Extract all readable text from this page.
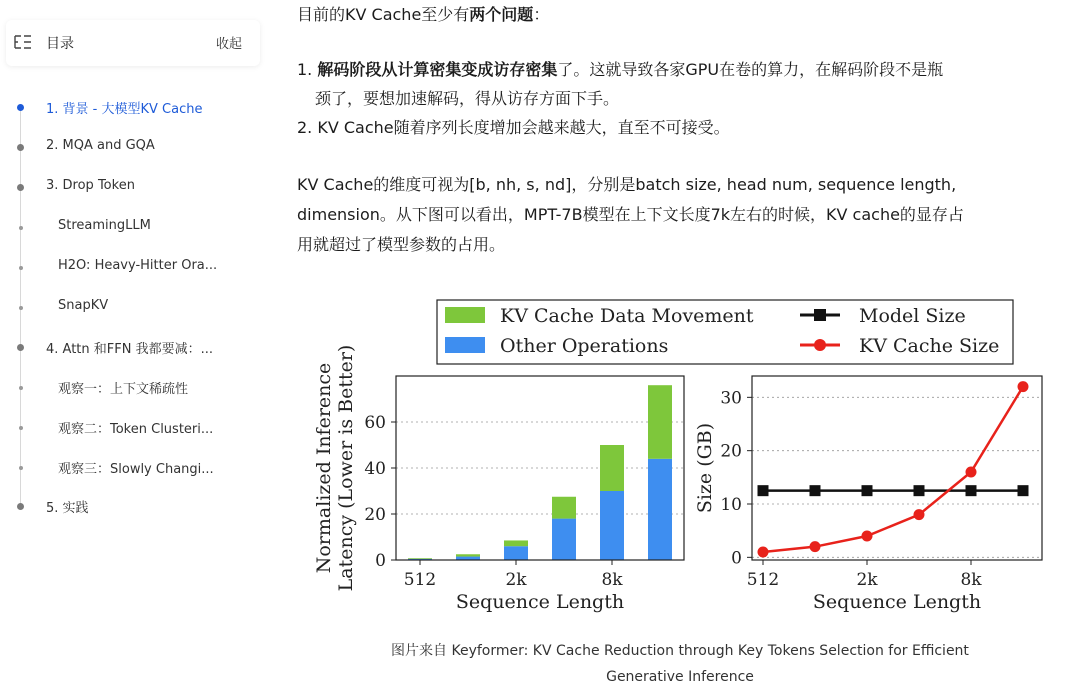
目录	收起
1. 背景 - 大模型KV Cache
2. MQA and GQA
3. Drop Token
StreamingLLM
H2O: Heavy-Hitter Ora...
SnapKV
4. Attn 和FFN 我都要减：...
观察一：上下文稀疏性
观察二：Token Clusteri...
观察三：Slowly Changi...
5. 实践
目前的KV Cache至少有两个问题：
1. 解码阶段从计算密集变成访存密集了。这就导致各家GPU在卷的算力，在解码阶段不是瓶
颈了，要想加速解码，得从访存方面下手。
2. KV Cache随着序列长度增加会越来越大，直至不可接受。
KV Cache的维度可视为[b, nh, s, nd]，分别是batch size, head num, sequence length,
dimension。从下图可以看出，MPT-7B模型在上下文长度7k左右的时候，KV cache的显存占
用就超过了模型参数的占用。
KV Cache Data Movement
Other Operations
Model Size
KV Cache Size
0
20
40
60
512	2k	8k
Sequence Length
Normalized Inference Latency (Lower is Better)	0
10
20
30
512	2k	8k
Sequence Length
Size (GB)
图片来自 Keyformer: KV Cache Reduction through Key Tokens Selection for Efficient
Generative Inference
